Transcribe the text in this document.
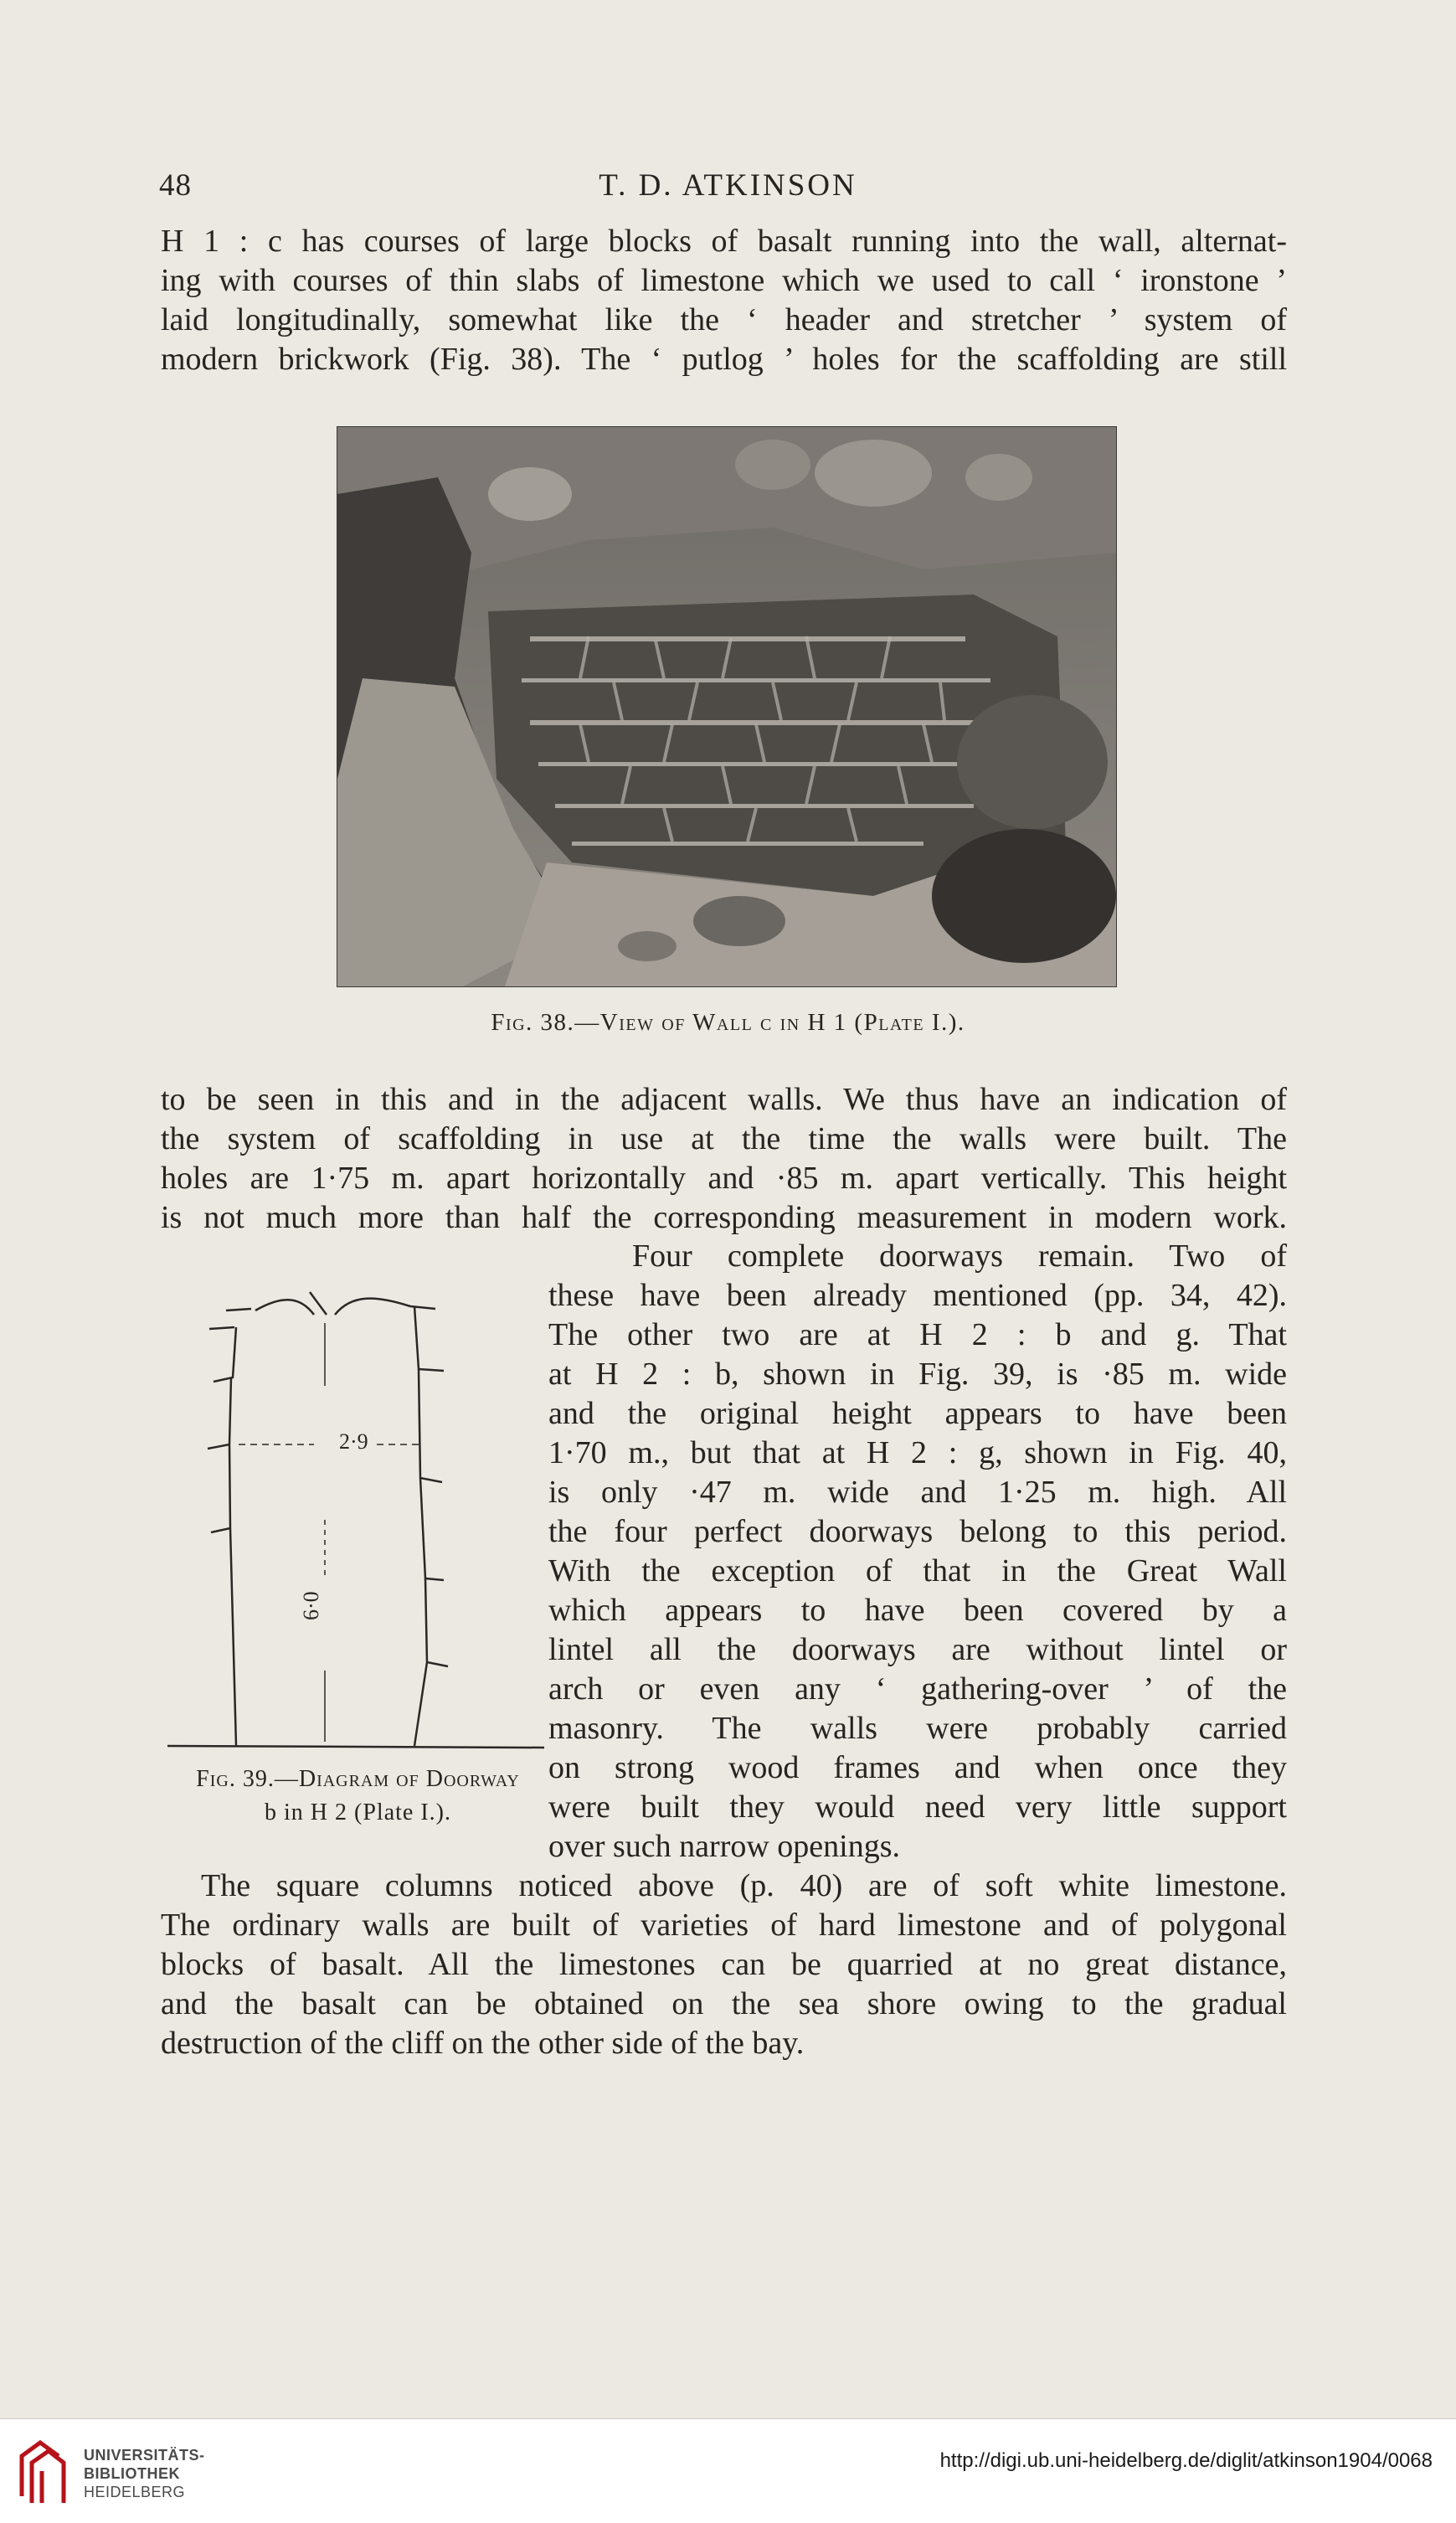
48	T. D. ATKINSON
H 1 : c has courses of large blocks of basalt running into the wall, alternat-
ing with courses of thin slabs of limestone which we used to call ‘ ironstone ’
laid longitudinally, somewhat like the ‘ header and stretcher ’ system of
modern brickwork (Fig. 38). The ‘ putlog ’ holes for the scaffolding are still
Fig. 38.—View of Wall c in H 1 (Plate I.).
to be seen in this and in the adjacent walls. We thus have an indication of
the system of scaffolding in use at the time the walls were built. The
holes are 1·75 m. apart horizontally and ·85 m. apart vertically. This height
is not much more than half the corresponding measurement in modern work.
2·9
6·0
Fig. 39.—Diagram of Doorway
b in H 2 (Plate I.).
Four complete doorways remain. Two of
these have been already mentioned (pp. 34, 42).
The other two are at H 2 : b and g. That
at H 2 : b, shown in Fig. 39, is ·85 m. wide
and the original height appears to have been
1·70 m., but that at H 2 : g, shown in Fig. 40,
is only ·47 m. wide and 1·25 m. high. All
the four perfect doorways belong to this period.
With the exception of that in the Great Wall
which appears to have been covered by a
lintel all the doorways are without lintel or
arch or even any ‘ gathering-over ’ of the
masonry. The walls were probably carried
on strong wood frames and when once they
were built they would need very little support
over such narrow openings.
The square columns noticed above (p. 40) are of soft white limestone.
The ordinary walls are built of varieties of hard limestone and of polygonal
blocks of basalt. All the limestones can be quarried at no great distance,
and the basalt can be obtained on the sea shore owing to the gradual
destruction of the cliff on the other side of the bay.
UNIVERSITÄTS-
BIBLIOTHEK
HEIDELBERG
http://digi.ub.uni-heidelberg.de/diglit/atkinson1904/0068
